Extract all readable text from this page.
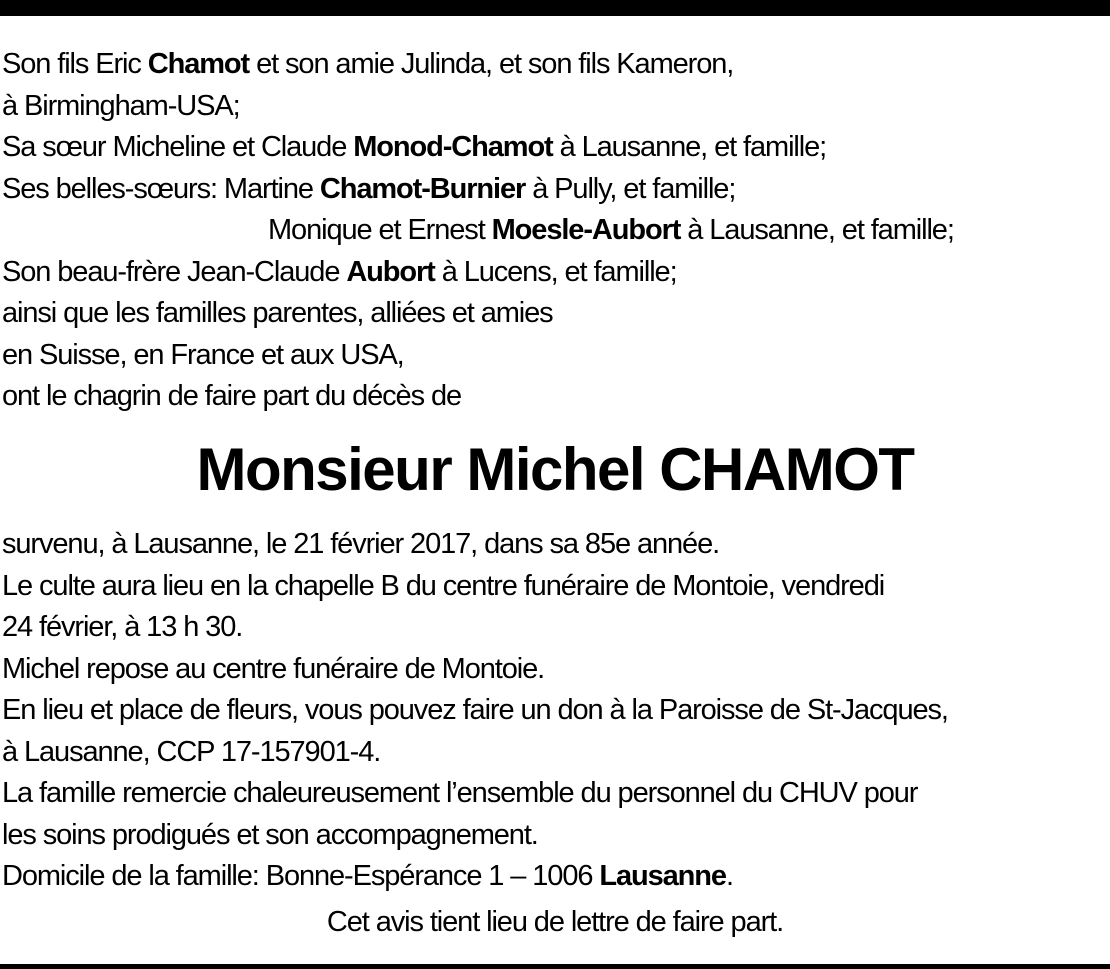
Son fils Eric Chamot et son amie Julinda, et son fils Kameron,
à Birmingham-USA;
Sa sœur Micheline et Claude Monod-Chamot à Lausanne, et famille;
Ses belles-sœurs: Martine Chamot-Burnier à Pully, et famille;
Monique et Ernest Moesle-Aubort à Lausanne, et famille;
Son beau-frère Jean-Claude Aubort à Lucens, et famille;
ainsi que les familles parentes, alliées et amies
en Suisse, en France et aux USA,
ont le chagrin de faire part du décès de
Monsieur Michel CHAMOT
survenu, à Lausanne, le 21 février 2017, dans sa 85e année.
Le culte aura lieu en la chapelle B du centre funéraire de Montoie, vendredi
24 février, à 13 h 30.
Michel repose au centre funéraire de Montoie.
En lieu et place de fleurs, vous pouvez faire un don à la Paroisse de St-Jacques,
à Lausanne, CCP 17-157901-4.
La famille remercie chaleureusement l’ensemble du personnel du CHUV pour
les soins prodigués et son accompagnement.
Domicile de la famille: Bonne-Espérance 1 – 1006 Lausanne.
Cet avis tient lieu de lettre de faire part.
